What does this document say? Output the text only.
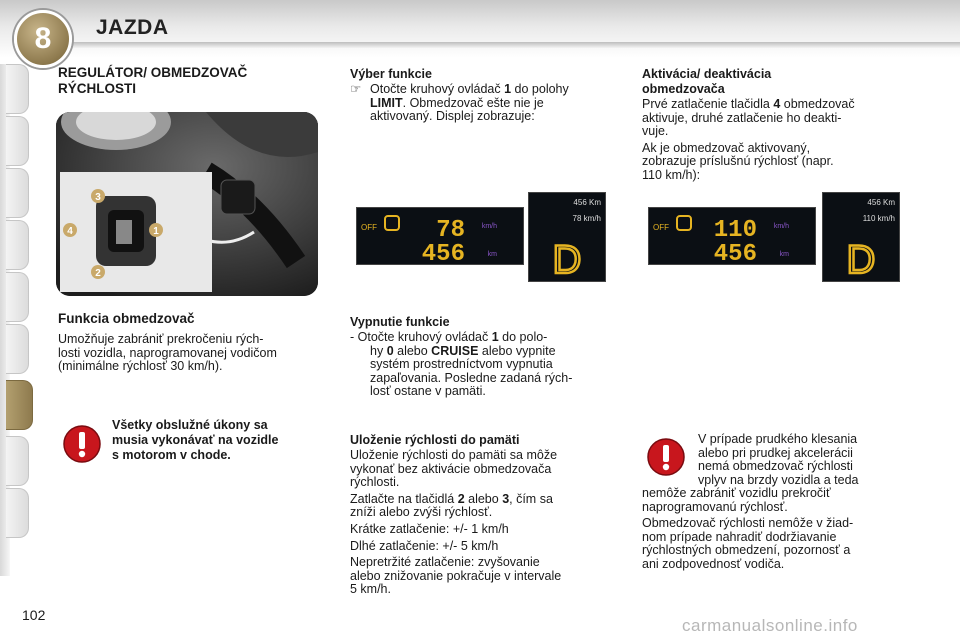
8 JAZDA
REGULÁTOR/ OBMEDZOVAČ
RÝCHLOSTI
3
4	1
2
Funkcia obmedzovač
Umožňuje zabrániť prekročeniu rých-
losti vozidla, naprogramovanej vodičom
(minimálne rýchlosť 30 km/h).
Všetky obslužné úkony sa
musia vykonávať na vozidle
s motorom v chode.
Výber funkcie
☞ Otočte kruhový ovládač 1 do polohy
LIMIT. Obmedzovač ešte nie je
aktivovaný. Displej zobrazuje:
OFF 78 km/h
456	km
456 Km
78 km/h
D
Vypnutie funkcie
- Otočte kruhový ovládač 1 do polo-
hy 0 alebo CRUISE alebo vypnite
systém prostredníctvom vypnutia
zapaľovania. Posledne zadaná rých-
losť ostane v pamäti.
Uloženie rýchlosti do pamäti
Uloženie rýchlosti do pamäti sa môže
vykonať bez aktivácie obmedzovača
rýchlosti.
Zatlačte na tlačidlá 2 alebo 3, čím sa
zníži alebo zvýši rýchlosť.
Krátke zatlačenie: +/- 1 km/h
Dlhé zatlačenie: +/- 5 km/h
Nepretržité zatlačenie: zvyšovanie
alebo znižovanie pokračuje v intervale
5 km/h.
Aktivácia/ deaktivácia
obmedzovača
Prvé zatlačenie tlačidla 4 obmedzovač
aktivuje, druhé zatlačenie ho deakti-
vuje.
Ak je obmedzovač aktivovaný,
zobrazuje príslušnú rýchlosť (napr.
110 km/h):
OFF 110 km/h
456	km
456 Km
110 km/h
D
V prípade prudkého klesania
alebo pri prudkej akcelerácii
nemá obmedzovač rýchlosti
vplyv na brzdy vozidla a teda
nemôže zabrániť vozidlu prekročiť
naprogramovanú rýchlosť.
Obmedzovač rýchlosti nemôže v žiad-
nom prípade nahradiť dodržiavanie
rýchlostných obmedzení, pozornosť a
ani zodpovednosť vodiča.
102
carmanualsonline.info
